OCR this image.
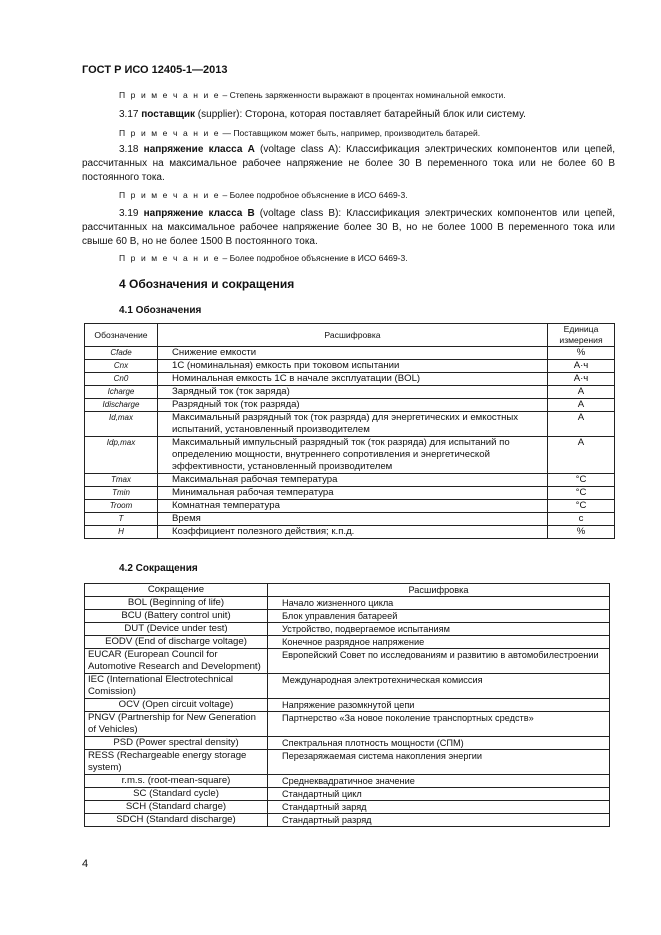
ГОСТ Р ИСО 12405-1—2013
П р и м е ч а н и е – Степень заряженности выражают в процентах номинальной емкости.
3.17 поставщик (supplier): Сторона, которая поставляет батарейный блок или систему.
П р и м е ч а н и е — Поставщиком может быть, например, производитель батарей.
3.18 напряжение класса А (voltage class A): Классификация электрических компонентов или цепей, рассчитанных на максимальное рабочее напряжение не более 30 В переменного тока или не более 60 В постоянного тока.
П р и м е ч а н и е – Более подробное объяснение в ИСО 6469-3.
3.19 напряжение класса В (voltage class B): Классификация электрических компонентов или цепей, рассчитанных на максимальное рабочее напряжение более 30 В, но не более 1000 В переменного тока или свыше 60 В, но не более 1500 В постоянного тока.
П р и м е ч а н и е – Более подробное объяснение в ИСО 6469-3.
4 Обозначения и сокращения
4.1 Обозначения
Обозначение	Расшифровка	Единица измерения
Cfade	Снижение емкости	%
Cnx	1С (номинальная) емкость при токовом испытании	А·ч
Cn0	Номинальная емкость 1С в начале эксплуатации (BOL)	А·ч
Icharge	Зарядный ток (ток заряда)	А
Idischarge	Разрядный ток (ток разряда)	А
Id,max	Максимальный разрядный ток (ток разряда) для энергетических и емкостных испытаний, установленный производителем	А
Idp,max	Максимальный импульсный разрядный ток (ток разряда) для испытаний по определению мощности, внутреннего сопротивления и энергетической эффективности, установленный производителем	А
Tmax	Максимальная рабочая температура	°С
Tmin	Минимальная рабочая температура	°С
Troom	Комнатная температура	°С
T	Время	с
H	Коэффициент полезного действия; к.п.д.	%
4.2 Сокращения
Сокращение	Расшифровка
BOL (Beginning of life)	Начало жизненного цикла
BCU (Battery control unit)	Блок управления батареей
DUT (Device under test)	Устройство, подвергаемое испытаниям
EODV (End of discharge voltage)	Конечное разрядное напряжение
EUCAR (European Council for Automotive Research and Development)	Европейский Совет по исследованиям и развитию в автомобилестроении
IEC (International Electrotechnical Comission)	Международная электротехническая комиссия
OCV (Open circuit voltage)	Напряжение разомкнутой цепи
PNGV (Partnership for New Generation of Vehicles)	Партнерство «За новое поколение транспортных средств»
PSD (Power spectral density)	Спектральная плотность мощности (СПМ)
RESS (Rechargeable energy storage system)	Перезаряжаемая система накопления энергии
r.m.s. (root-mean-square)	Среднеквадратичное значение
SC (Standard cycle)	Стандартный цикл
SCH (Standard charge)	Стандартный заряд
SDCH (Standard discharge)	Стандартный разряд
4
